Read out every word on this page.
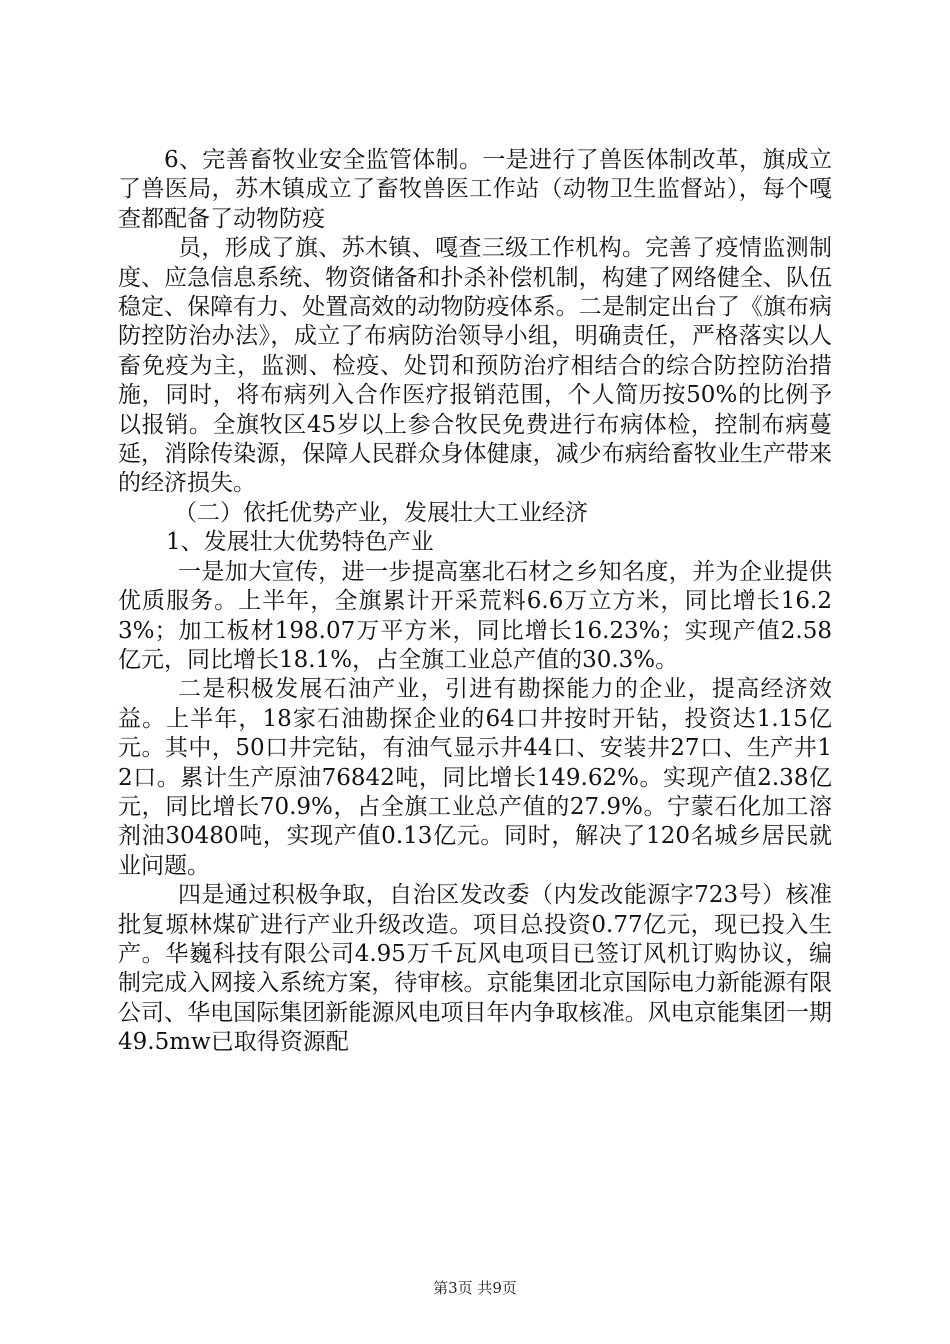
6、完善畜牧业安全监管体制。一是进行了兽医体制改革，旗成立了兽医局，苏木镇成立了畜牧兽医工作站（动物卫生监督站），每个嘎查都配备了动物防疫

员，形成了旗、苏木镇、嘎查三级工作机构。完善了疫情监测制度、应急信息系统、物资储备和扑杀补偿机制，构建了网络健全、队伍稳定、保障有力、处置高效的动物防疫体系。二是制定出台了《旗布病防控防治办法》，成立了布病防治领导小组，明确责任，严格落实以人畜免疫为主，监测、检疫、处罚和预防治疗相结合的综合防控防治措施，同时，将布病列入合作医疗报销范围，个人简历按50%的比例予以报销。全旗牧区45岁以上参合牧民免费进行布病体检，控制布病蔓延，消除传染源，保障人民群众身体健康，减少布病给畜牧业生产带来的经济损失。

（二）依托优势产业，发展壮大工业经济

1、发展壮大优势特色产业

一是加大宣传，进一步提高塞北石材之乡知名度，并为企业提供优质服务。上半年，全旗累计开采荒料6.6万立方米，同比增长16.23%；加工板材198.07万平方米，同比增长16.23%；实现产值2.58亿元，同比增长18.1%，占全旗工业总产值的30.3%。

二是积极发展石油产业，引进有勘探能力的企业，提高经济效益。上半年，18家石油勘探企业的64口井按时开钻，投资达1.15亿元。其中，50口井完钻，有油气显示井44口、安装井27口、生产井12口。累计生产原油76842吨，同比增长149.62%。实现产值2.38亿元，同比增长70.9%，占全旗工业总产值的27.9%。宁蒙石化加工溶剂油30480吨，实现产值0.13亿元。同时，解决了120名城乡居民就业问题。

四是通过积极争取，自治区发改委（内发改能源字723号）核准批复塬林煤矿进行产业升级改造。项目总投资0.77亿元，现已投入生产。华巍科技有限公司4.95万千瓦风电项目已签订风机订购协议，编制完成入网接入系统方案，待审核。京能集团北京国际电力新能源有限公司、华电国际集团新能源风电项目年内争取核准。风电京能集团一期49.5mw已取得资源配

第3页 共9页
